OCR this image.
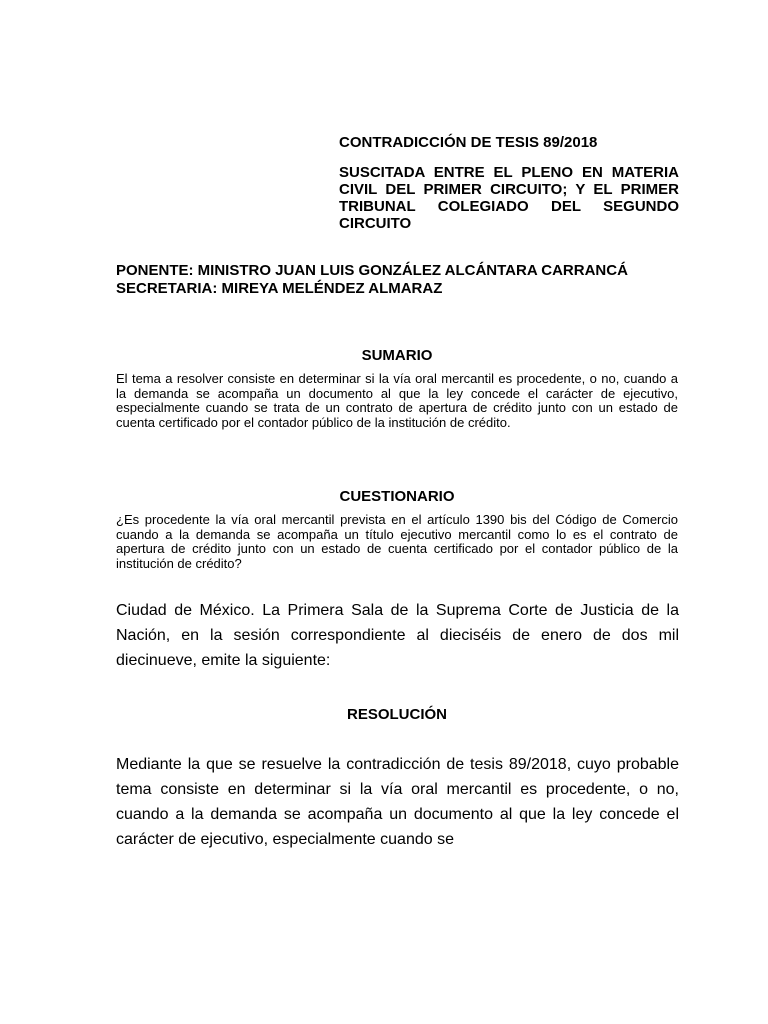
CONTRADICCIÓN DE TESIS 89/2018
SUSCITADA ENTRE EL PLENO EN MATERIA CIVIL DEL PRIMER CIRCUITO; Y EL PRIMER TRIBUNAL COLEGIADO DEL SEGUNDO CIRCUITO
PONENTE: MINISTRO JUAN LUIS GONZÁLEZ ALCÁNTARA CARRANCÁ
SECRETARIA: MIREYA MELÉNDEZ ALMARAZ
SUMARIO
El tema a resolver consiste en determinar si la vía oral mercantil es procedente, o no, cuando a la demanda se acompaña un documento al que la ley concede el carácter de ejecutivo, especialmente cuando se trata de un contrato de apertura de crédito junto con un estado de cuenta certificado por el contador público de la institución de crédito.
CUESTIONARIO
¿Es procedente la vía oral mercantil prevista en el artículo 1390 bis del Código de Comercio cuando a la demanda se acompaña un título ejecutivo mercantil como lo es el contrato de apertura de crédito junto con un estado de cuenta certificado por el contador público de la institución de crédito?
Ciudad de México. La Primera Sala de la Suprema Corte de Justicia de la Nación, en la sesión correspondiente al dieciséis de enero de dos mil diecinueve, emite la siguiente:
RESOLUCIÓN
Mediante la que se resuelve la contradicción de tesis 89/2018, cuyo probable tema consiste en determinar si la vía oral mercantil es procedente, o no, cuando a la demanda se acompaña un documento al que la ley concede el carácter de ejecutivo, especialmente cuando se
